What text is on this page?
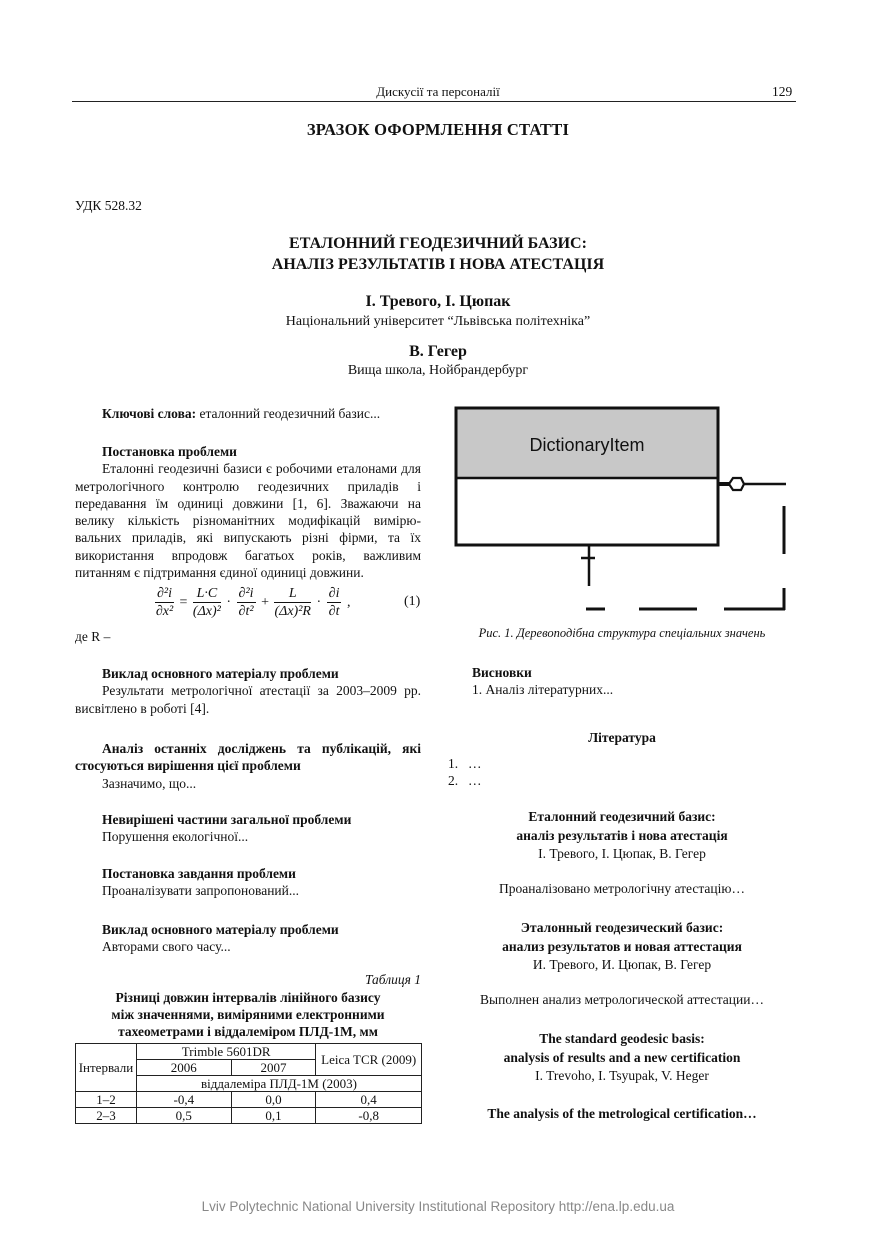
Дискусії та персоналії	129
ЗРАЗОК ОФОРМЛЕННЯ СТАТТІ
УДК 528.32
ЕТАЛОННИЙ ГЕОДЕЗИЧНИЙ БАЗИС:
АНАЛІЗ РЕЗУЛЬТАТІВ І НОВА АТЕСТАЦІЯ
І. Тревого, І. Цюпак
Національний університет “Львівська політехніка”
В. Гегер
Вища школа, Нойбрандербург

Ключові слова: еталонний геодезичний базис...

Постановка проблеми

Еталонні геодезичні базиси є робочими еталонами для метрологічного контролю геодезичних приладів і передавання їм одиниці довжини [1, 6]. Зважаючи на велику кількість різноманітних модифікацій вимірювальних приладів, які випускають різні фірми, та їх використання впродовж багатьох років, важливим питанням є підтримання єдиної одиниці довжини.

$\frac{\text{∂²i}}{\text{∂x²}} = \frac{L\cdot C}{\text{(Δx)²}} \cdot \frac{\text{∂²i}}{\text{∂t²}} + \frac{L}{\text{(Δx)²R}} \cdot \frac{\partial i}{\partial t}$ ,	(1)
де R –

Виклад основного матеріалу проблеми

Результати метрологічної атестації за 2003–2009 рр. висвітлено в роботі [4].

Аналіз останніх досліджень та публікацій, які стосуються вирішення цієї проблеми

Зазначимо, що...

Невирішені частини загальної проблеми

Порушення екологічної...

Постановка завдання проблеми

Проаналізувати запропонований...

Виклад основного матеріалу проблеми

Авторами свого часу...

Таблиця 1
Різниці довжин інтервалів лінійного базису
між значеннями, виміряними електронними
тахеометрами і віддалеміром ПЛД-1М, мм
Інтервали	Trimble 5601DR		Leica TCR (2009)
	2006	2007	
	віддалеміра ПЛД-1М (2003)		
1–2	-0,4	0,0	0,4
2–3	0,5	0,1	-0,8
DictionaryItem
Рис. 1. Деревоподібна структура спеціальних значень
Висновки
1. Аналіз літературних...
Література
1. …
2. …
Еталонний геодезичний базис:
аналіз результатів і нова атестація
І. Тревого, І. Цюпак, В. Гегер
Проаналізовано метрологічну атестацію…
Эталонный геодезический базис:
анализ результатов и новая аттестация
И. Тревого, И. Цюпак, В. Гегер
Выполнен анализ метрологической аттестации…
The standard geodesic basis:
analysis of results and a new certification
I. Trevoho, I. Tsyupak, V. Heger
The analysis of the metrological certification…
Lviv Polytechnic National University Institutional Repository http://ena.lp.edu.ua
